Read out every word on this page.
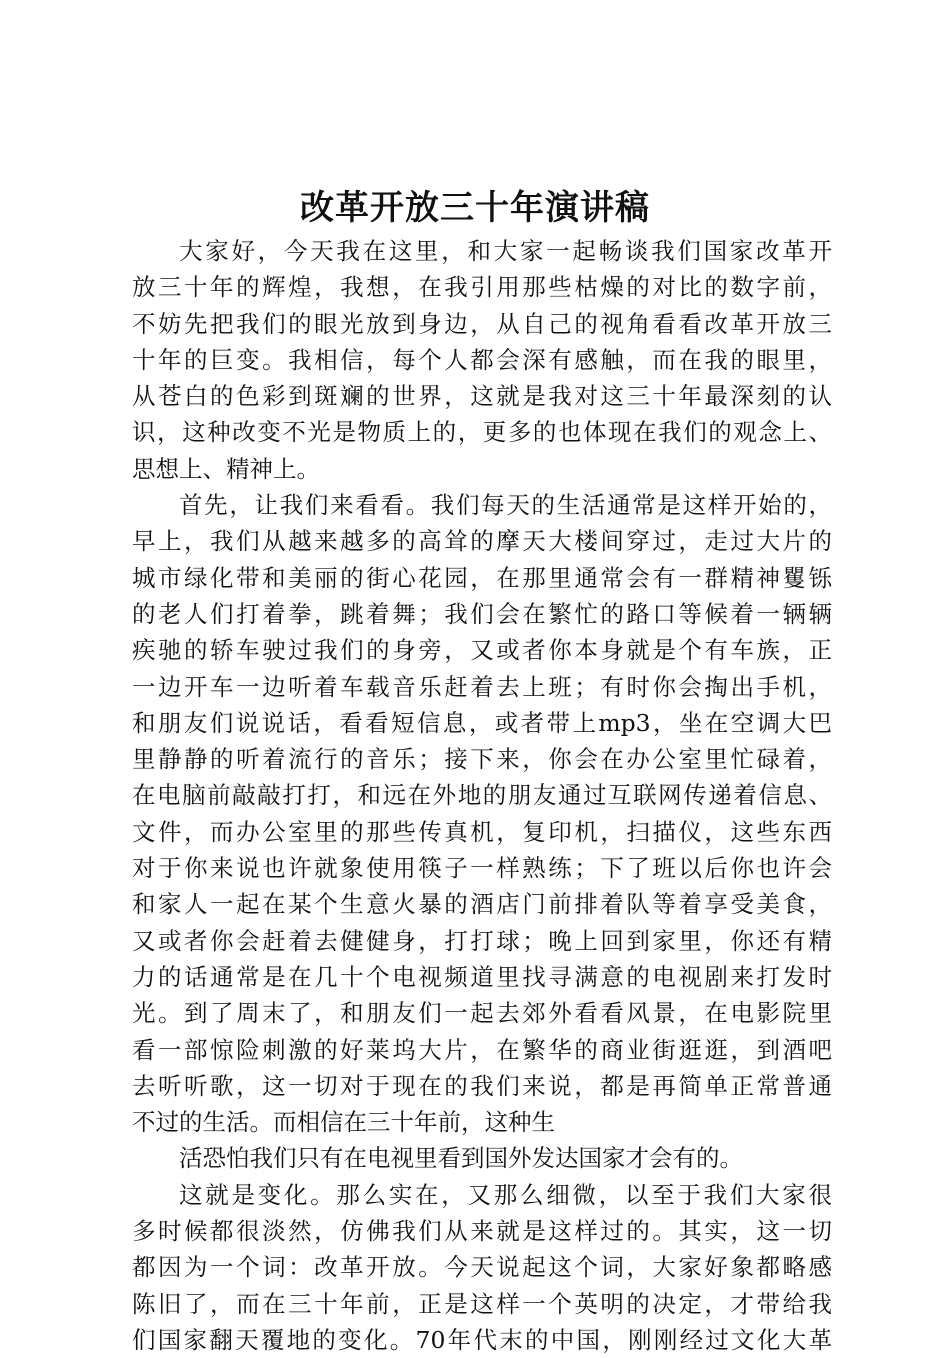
改革开放三十年演讲稿
大家好，今天我在这里，和大家一起畅谈我们国家改革开
放三十年的辉煌，我想，在我引用那些枯燥的对比的数字前，
不妨先把我们的眼光放到身边，从自己的视角看看改革开放三
十年的巨变。我相信，每个人都会深有感触，而在我的眼里，
从苍白的色彩到斑斓的世界，这就是我对这三十年最深刻的认
识，这种改变不光是物质上的，更多的也体现在我们的观念上、
思想上、精神上。
首先，让我们来看看。我们每天的生活通常是这样开始的，
早上，我们从越来越多的高耸的摩天大楼间穿过，走过大片的
城市绿化带和美丽的街心花园，在那里通常会有一群精神矍铄
的老人们打着拳，跳着舞；我们会在繁忙的路口等候着一辆辆
疾驰的轿车驶过我们的身旁，又或者你本身就是个有车族，正
一边开车一边听着车载音乐赶着去上班；有时你会掏出手机，
和朋友们说说话，看看短信息，或者带上mp3，坐在空调大巴
里静静的听着流行的音乐；接下来，你会在办公室里忙碌着，
在电脑前敲敲打打，和远在外地的朋友通过互联网传递着信息、
文件，而办公室里的那些传真机，复印机，扫描仪，这些东西
对于你来说也许就象使用筷子一样熟练；下了班以后你也许会
和家人一起在某个生意火暴的酒店门前排着队等着享受美食，
又或者你会赶着去健健身，打打球；晚上回到家里，你还有精
力的话通常是在几十个电视频道里找寻满意的电视剧来打发时
光。到了周末了，和朋友们一起去郊外看看风景，在电影院里
看一部惊险刺激的好莱坞大片，在繁华的商业街逛逛，到酒吧
去听听歌，这一切对于现在的我们来说，都是再简单正常普通
不过的生活。而相信在三十年前，这种生
活恐怕我们只有在电视里看到国外发达国家才会有的。
这就是变化。那么实在，又那么细微，以至于我们大家很
多时候都很淡然，仿佛我们从来就是这样过的。其实，这一切
都因为一个词：改革开放。今天说起这个词，大家好象都略感
陈旧了，而在三十年前，正是这样一个英明的决定，才带给我
们国家翻天覆地的变化。70年代末的中国，刚刚经过文化大革
